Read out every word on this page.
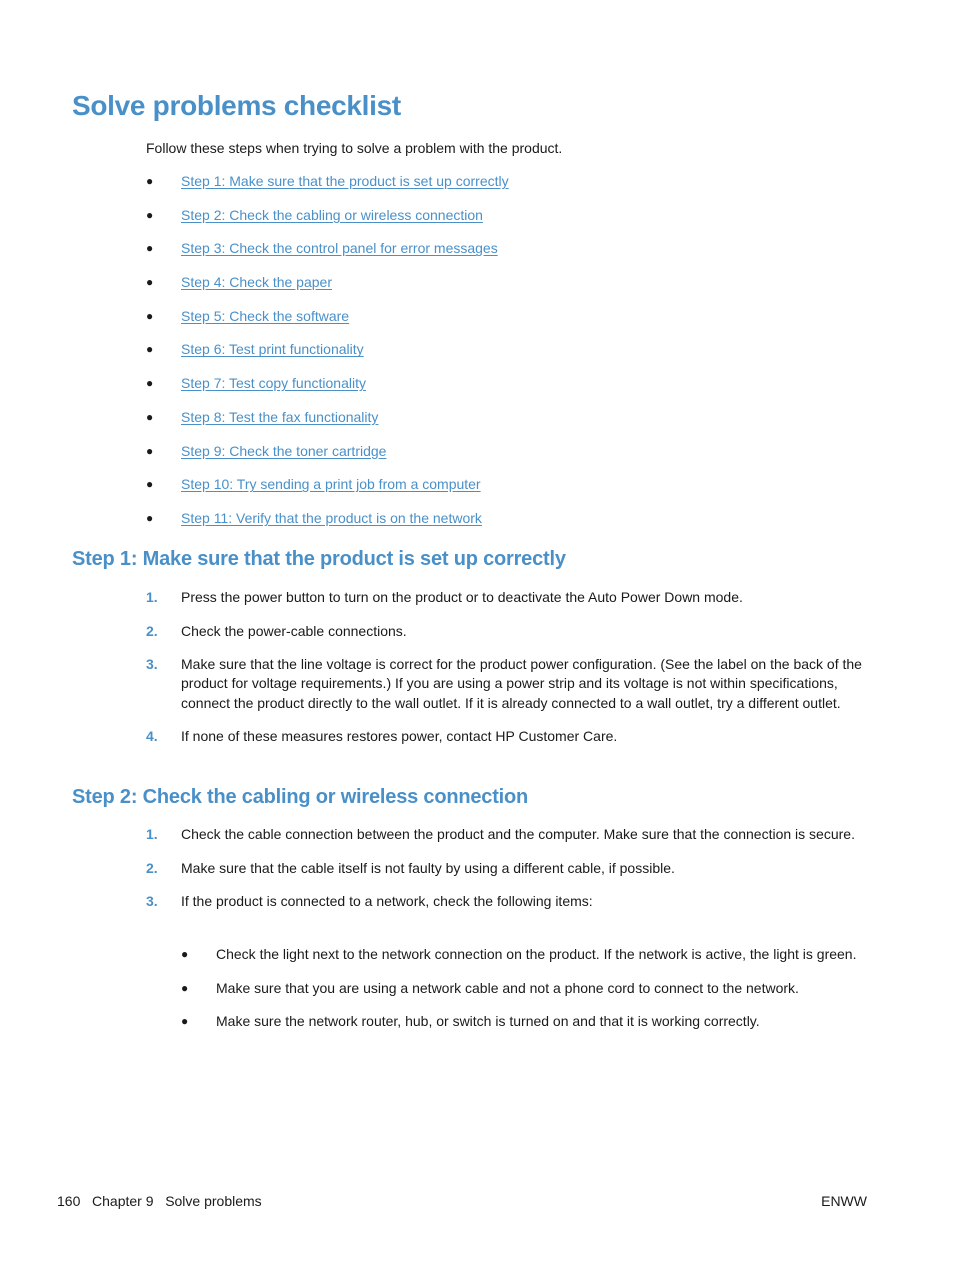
Solve problems checklist

Follow these steps when trying to solve a problem with the product.

●	Step 1: Make sure that the product is set up correctly
●	Step 2: Check the cabling or wireless connection
●	Step 3: Check the control panel for error messages
●	Step 4: Check the paper
●	Step 5: Check the software
●	Step 6: Test print functionality
●	Step 7: Test copy functionality
●	Step 8: Test the fax functionality
●	Step 9: Check the toner cartridge
●	Step 10: Try sending a print job from a computer
●	Step 11: Verify that the product is on the network
Step 1: Make sure that the product is set up correctly
1.	Press the power button to turn on the product or to deactivate the Auto Power Down mode.
2.	Check the power-cable connections.
3.	Make sure that the line voltage is correct for the product power configuration. (See the label on the back of the product for voltage requirements.) If you are using a power strip and its voltage is not within specifications, connect the product directly to the wall outlet. If it is already connected to a wall outlet, try a different outlet.
4.	If none of these measures restores power, contact HP Customer Care.
Step 2: Check the cabling or wireless connection
1.	Check the cable connection between the product and the computer. Make sure that the connection is secure.
2.	Make sure that the cable itself is not faulty by using a different cable, if possible.
3.	If the product is connected to a network, check the following items:
●	Check the light next to the network connection on the product. If the network is active, the light is green.
●	Make sure that you are using a network cable and not a phone cord to connect to the network.
●	Make sure the network router, hub, or switch is turned on and that it is working correctly.
160 Chapter 9 Solve problems	ENWW
